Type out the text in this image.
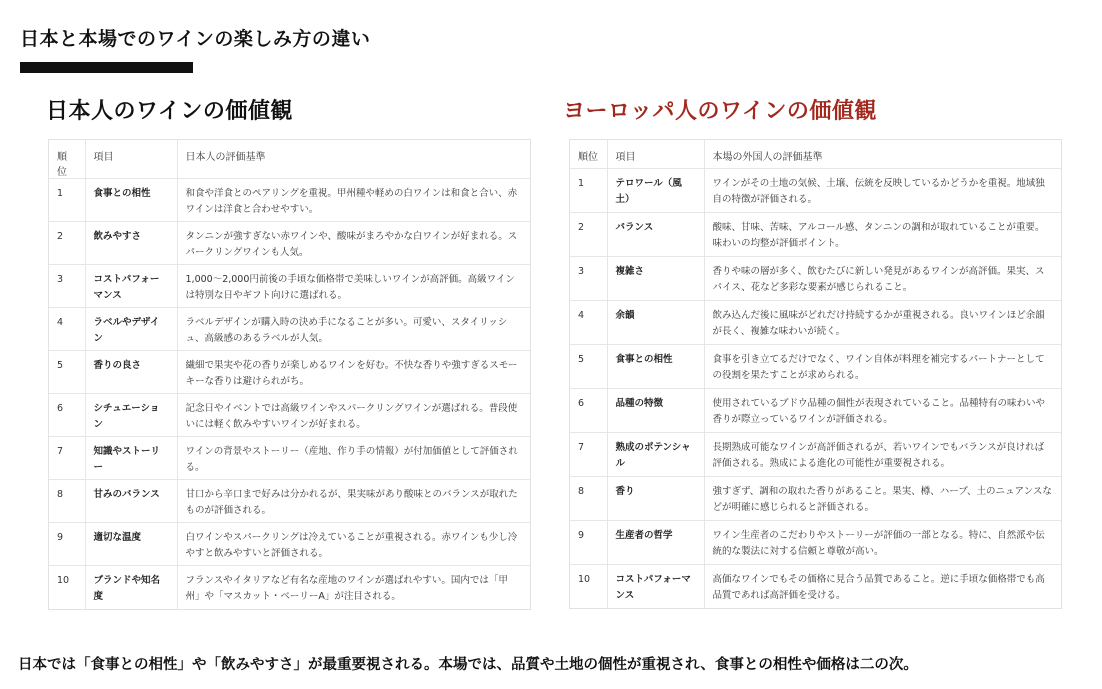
日本と本場でのワインの楽しみ方の違い
日本人のワインの価値観	ヨーロッパ人のワインの価値観
順位	項目	日本人の評価基準
1	食事との相性	和食や洋食とのペアリングを重視。甲州種や軽めの白ワインは和食と合い、赤ワインは洋食と合わせやすい。
2	飲みやすさ	タンニンが強すぎない赤ワインや、酸味がまろやかな白ワインが好まれる。スパークリングワインも人気。
3	コストパフォーマンス	1,000〜2,000円前後の手頃な価格帯で美味しいワインが高評価。高級ワインは特別な日やギフト向けに選ばれる。
4	ラベルやデザイン	ラベルデザインが購入時の決め手になることが多い。可愛い、スタイリッシュ、高級感のあるラベルが人気。
5	香りの良さ	繊細で果実や花の香りが楽しめるワインを好む。不快な香りや強すぎるスモーキーな香りは避けられがち。
6	シチュエーション	記念日やイベントでは高級ワインやスパークリングワインが選ばれる。普段使いには軽く飲みやすいワインが好まれる。
7	知識やストーリー	ワインの背景やストーリー（産地、作り手の情報）が付加価値として評価される。
8	甘みのバランス	甘口から辛口まで好みは分かれるが、果実味があり酸味とのバランスが取れたものが評価される。
9	適切な温度	白ワインやスパークリングは冷えていることが重視される。赤ワインも少し冷やすと飲みやすいと評価される。
10	ブランドや知名度	フランスやイタリアなど有名な産地のワインが選ばれやすい。国内では「甲州」や「マスカット・ベーリーA」が注目される。
順位	項目	本場の外国人の評価基準
1	テロワール（風土）	ワインがその土地の気候、土壌、伝統を反映しているかどうかを重視。地域独自の特徴が評価される。
2	バランス	酸味、甘味、苦味、アルコール感、タンニンの調和が取れていることが重要。味わいの均整が評価ポイント。
3	複雑さ	香りや味の層が多く、飲むたびに新しい発見があるワインが高評価。果実、スパイス、花など多彩な要素が感じられること。
4	余韻	飲み込んだ後に風味がどれだけ持続するかが重視される。良いワインほど余韻が長く、複雑な味わいが続く。
5	食事との相性	食事を引き立てるだけでなく、ワイン自体が料理を補完するパートナーとしての役割を果たすことが求められる。
6	品種の特徴	使用されているブドウ品種の個性が表現されていること。品種特有の味わいや香りが際立っているワインが評価される。
7	熟成のポテンシャル	長期熟成可能なワインが高評価されるが、若いワインでもバランスが良ければ評価される。熟成による進化の可能性が重要視される。
8	香り	強すぎず、調和の取れた香りがあること。果実、樽、ハーブ、土のニュアンスなどが明確に感じられると評価される。
9	生産者の哲学	ワイン生産者のこだわりやストーリーが評価の一部となる。特に、自然派や伝統的な製法に対する信頼と尊敬が高い。
10	コストパフォーマンス	高価なワインでもその価格に見合う品質であること。逆に手頃な価格帯でも高品質であれば高評価を受ける。
日本では「食事との相性」や「飲みやすさ」が最重要視される。本場では、品質や土地の個性が重視され、食事との相性や価格は二の次。
